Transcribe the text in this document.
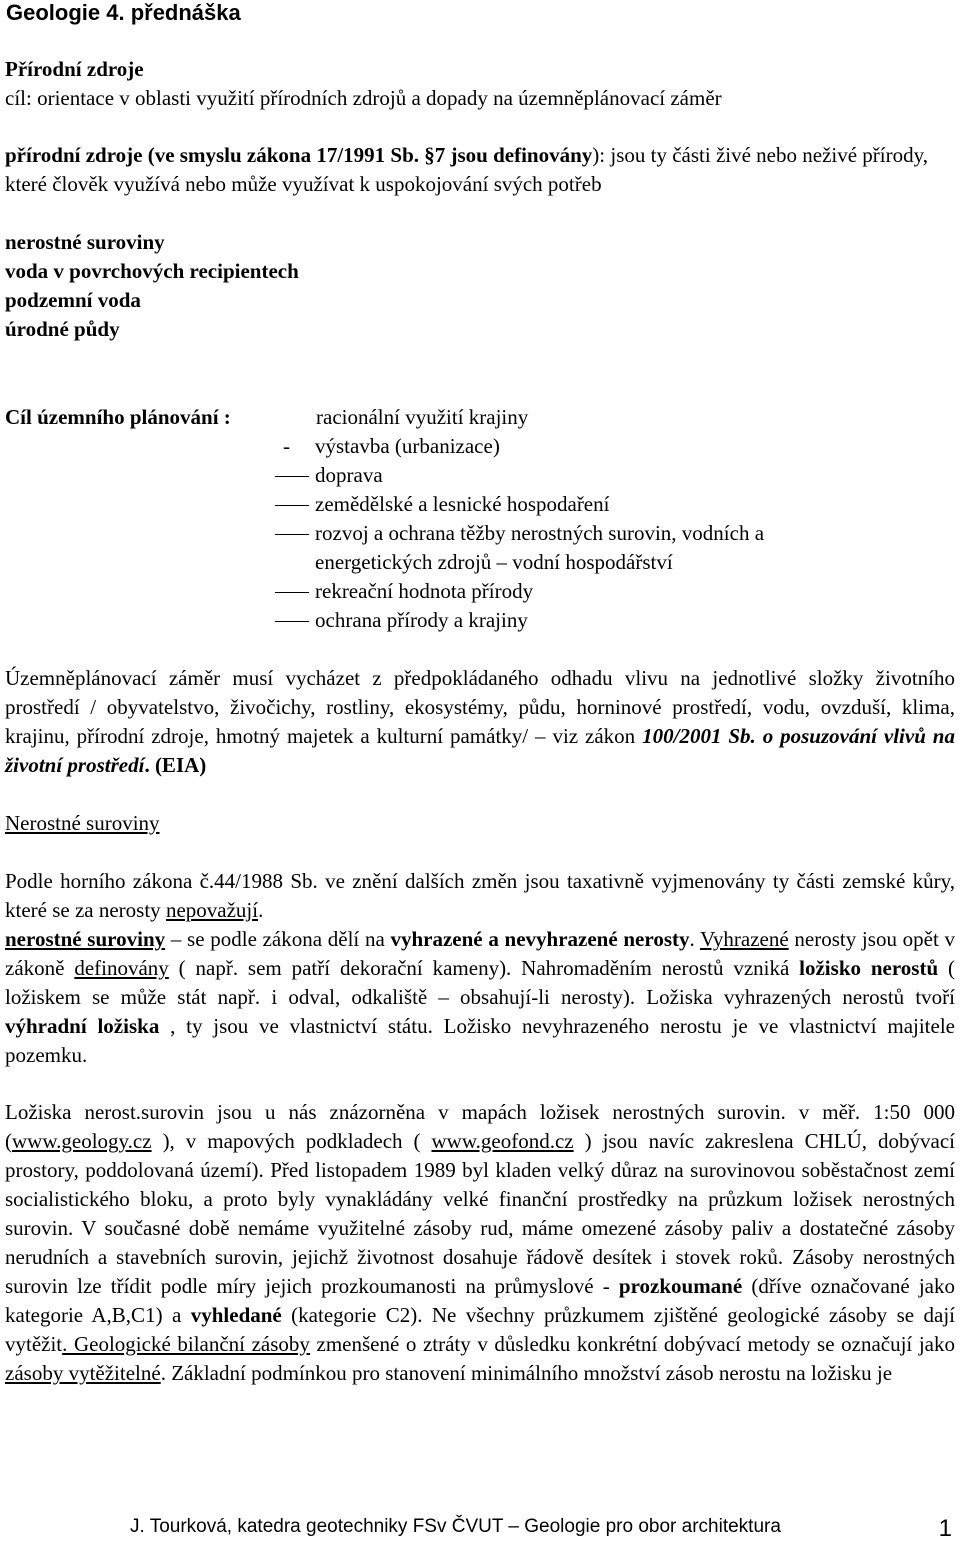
Geologie 4. přednáška
Přírodní zdroje
cíl: orientace v oblasti využití přírodních zdrojů a dopady na územněplánovací záměr

přírodní zdroje (ve smyslu zákona 17/1991 Sb. §7 jsou definovány): jsou ty části živé nebo neživé přírody, které člověk využívá nebo může využívat k uspokojování svých potřeb

nerostné suroviny
voda v povrchových recipientech
podzemní voda
úrodné půdy
Cíl územního plánování :	racionální využití krajiny
-	výstavba (urbanizace)
doprava
zemědělské a lesnické hospodaření
rozvoj a ochrana těžby nerostných surovin, vodních a energetických zdrojů – vodní hospodářství
rekreační hodnota přírody
ochrana přírody a krajiny

Územněplánovací záměr musí vycházet z předpokládaného odhadu vlivu na jednotlivé složky životního prostředí / obyvatelstvo, živočichy, rostliny, ekosystémy, půdu, horninové prostředí, vodu, ovzduší, klima, krajinu, přírodní zdroje, hmotný majetek a kulturní památky/ – viz zákon 100/2001 Sb. o posuzování vlivů na životní prostředí. (EIA)

Nerostné suroviny

Podle horního zákona č.44/1988 Sb. ve znění dalších změn jsou taxativně vyjmenovány ty části zemské kůry, které se za nerosty nepovažují.

nerostné suroviny – se podle zákona dělí na vyhrazené a nevyhrazené nerosty. Vyhrazené nerosty jsou opět v zákoně definovány ( např. sem patří dekorační kameny). Nahromaděním nerostů vzniká ložisko nerostů ( ložiskem se může stát např. i odval, odkaliště – obsahují-li nerosty). Ložiska vyhrazených nerostů tvoří výhradní ložiska , ty jsou ve vlastnictví státu. Ložisko nevyhrazeného nerostu je ve vlastnictví majitele pozemku.

Ložiska nerost.surovin jsou u nás znázorněna v mapách ložisek nerostných surovin. v měř. 1:50 000 (www.geology.cz ), v mapových podkladech ( www.geofond.cz ) jsou navíc zakreslena CHLÚ, dobývací prostory, poddolovaná území). Před listopadem 1989 byl kladen velký důraz na surovinovou soběstačnost zemí socialistického bloku, a proto byly vynakládány velké finanční prostředky na průzkum ložisek nerostných surovin. V současné době nemáme využitelné zásoby rud, máme omezené zásoby paliv a dostatečné zásoby nerudních a stavebních surovin, jejichž životnost dosahuje řádově desítek i stovek roků. Zásoby nerostných surovin lze třídit podle míry jejich prozkoumanosti na průmyslové - prozkoumané (dříve označované jako kategorie A,B,C1) a vyhledané (kategorie C2). Ne všechny průzkumem zjištěné geologické zásoby se dají vytěžit. Geologické bilanční zásoby zmenšené o ztráty v důsledku konkrétní dobývací metody se označují jako zásoby vytěžitelné. Základní podmínkou pro stanovení minimálního množství zásob nerostu na ložisku je

J. Tourková, katedra geotechniky FSv ČVUT – Geologie pro obor architektura	1
